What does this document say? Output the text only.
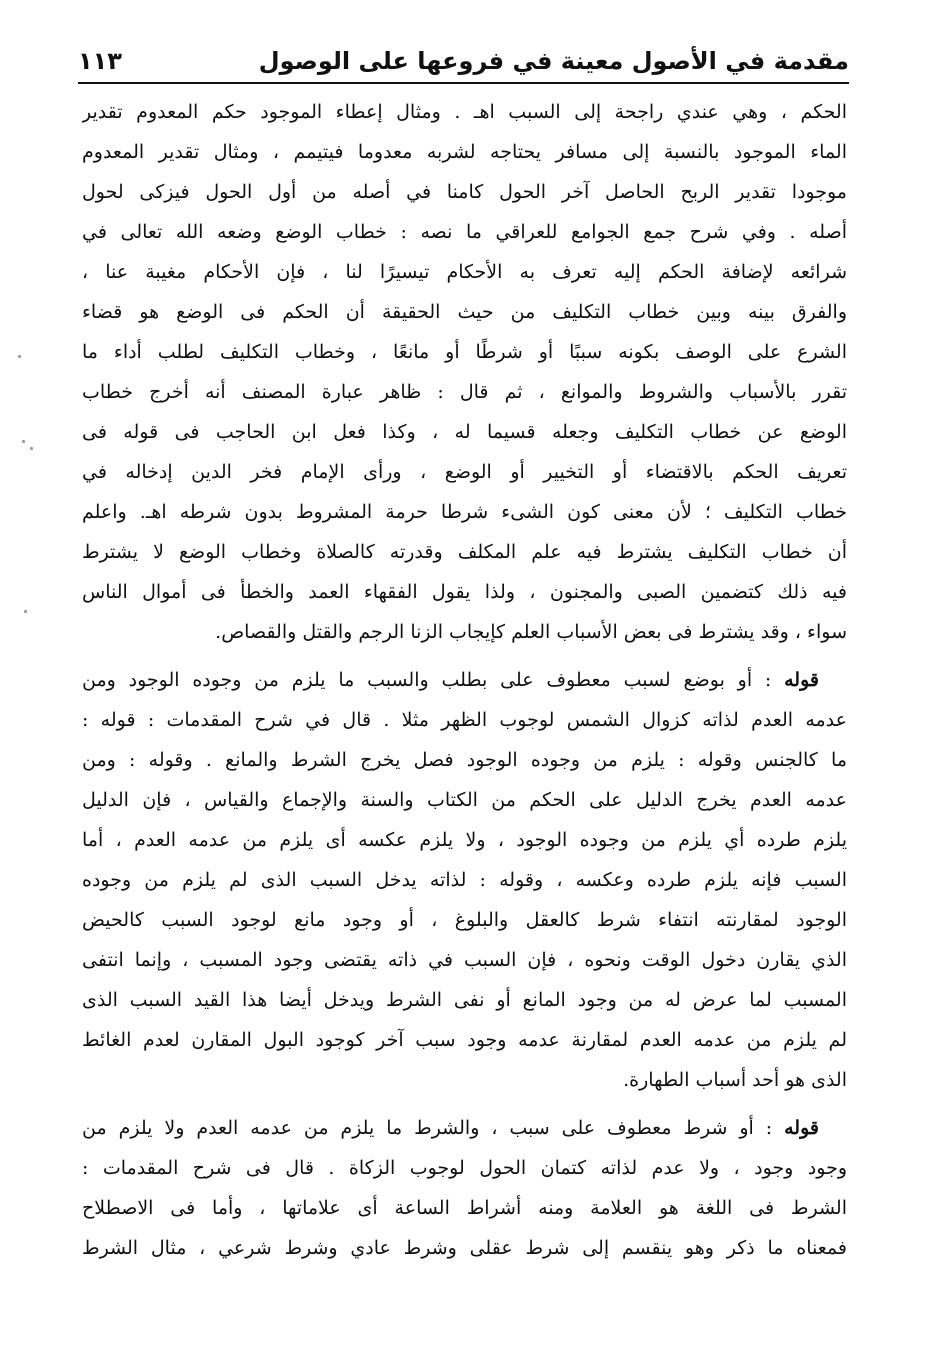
مقدمة في الأصول معينة في فروعها على الوصول
١١٣
الحكم ، وهي عندي راجحة إلى السبب اهـ . ومثال إعطاء الموجود حكم المعدوم تقدير
الماء الموجود بالنسبة إلى مسافر يحتاجه لشربه معدوما فيتيمم ، ومثال تقدير المعدوم
موجودا تقدير الربح الحاصل آخر الحول كامنا في أصله من أول الحول فيزكى لحول
أصله . وفي شرح جمع الجوامع للعراقي ما نصه : خطاب الوضع وضعه الله تعالى في
شرائعه لإضافة الحكم إليه تعرف به الأحكام تيسيرًا لنا ، فإن الأحكام مغيبة عنا ،
والفرق بينه وبين خطاب التكليف من حيث الحقيقة أن الحكم فى الوضع هو قضاء
الشرع على الوصف بكونه سببًا أو شرطًا أو مانعًا ، وخطاب التكليف لطلب أداء ما
تقرر بالأسباب والشروط والموانع ، ثم قال : ظاهر عبارة المصنف أنه أخرج خطاب
الوضع عن خطاب التكليف وجعله قسيما له ، وكذا فعل ابن الحاجب فى قوله فى
تعريف الحكم بالاقتضاء أو التخيير أو الوضع ، ورأى الإمام فخر الدين إدخاله في
خطاب التكليف ؛ لأن معنى كون الشىء شرطا حرمة المشروط بدون شرطه اهـ. واعلم
أن خطاب التكليف يشترط فيه علم المكلف وقدرته كالصلاة وخطاب الوضع لا يشترط
فيه ذلك كتضمين الصبى والمجنون ، ولذا يقول الفقهاء العمد والخطأ فى أموال الناس
سواء ، وقد يشترط فى بعض الأسباب العلم كإيجاب الزنا الرجم والقتل والقصاص.
قوله : أو بوضع لسبب معطوف على بطلب والسبب ما يلزم من وجوده الوجود ومن
عدمه العدم لذاته كزوال الشمس لوجوب الظهر مثلا . قال في شرح المقدمات : قوله :
ما كالجنس وقوله : يلزم من وجوده الوجود فصل يخرج الشرط والمانع . وقوله : ومن
عدمه العدم يخرج الدليل على الحكم من الكتاب والسنة والإجماع والقياس ، فإن الدليل
يلزم طرده أي يلزم من وجوده الوجود ، ولا يلزم عكسه أى يلزم من عدمه العدم ، أما
السبب فإنه يلزم طرده وعكسه ، وقوله : لذاته يدخل السبب الذى لم يلزم من وجوده
الوجود لمقارنته انتفاء شرط كالعقل والبلوغ ، أو وجود مانع لوجود السبب كالحيض
الذي يقارن دخول الوقت ونحوه ، فإن السبب في ذاته يقتضى وجود المسبب ، وإنما انتفى
المسبب لما عرض له من وجود المانع أو نفى الشرط ويدخل أيضا هذا القيد السبب الذى
لم يلزم من عدمه العدم لمقارنة عدمه وجود سبب آخر كوجود البول المقارن لعدم الغائط
الذى هو أحد أسباب الطهارة.
قوله : أو شرط معطوف على سبب ، والشرط ما يلزم من عدمه العدم ولا يلزم من
وجود وجود ، ولا عدم لذاته كتمان الحول لوجوب الزكاة . قال فى شرح المقدمات :
الشرط فى اللغة هو العلامة ومنه أشراط الساعة أى علاماتها ، وأما فى الاصطلاح
فمعناه ما ذكر وهو ينقسم إلى شرط عقلى وشرط عادي وشرط شرعي ، مثال الشرط
